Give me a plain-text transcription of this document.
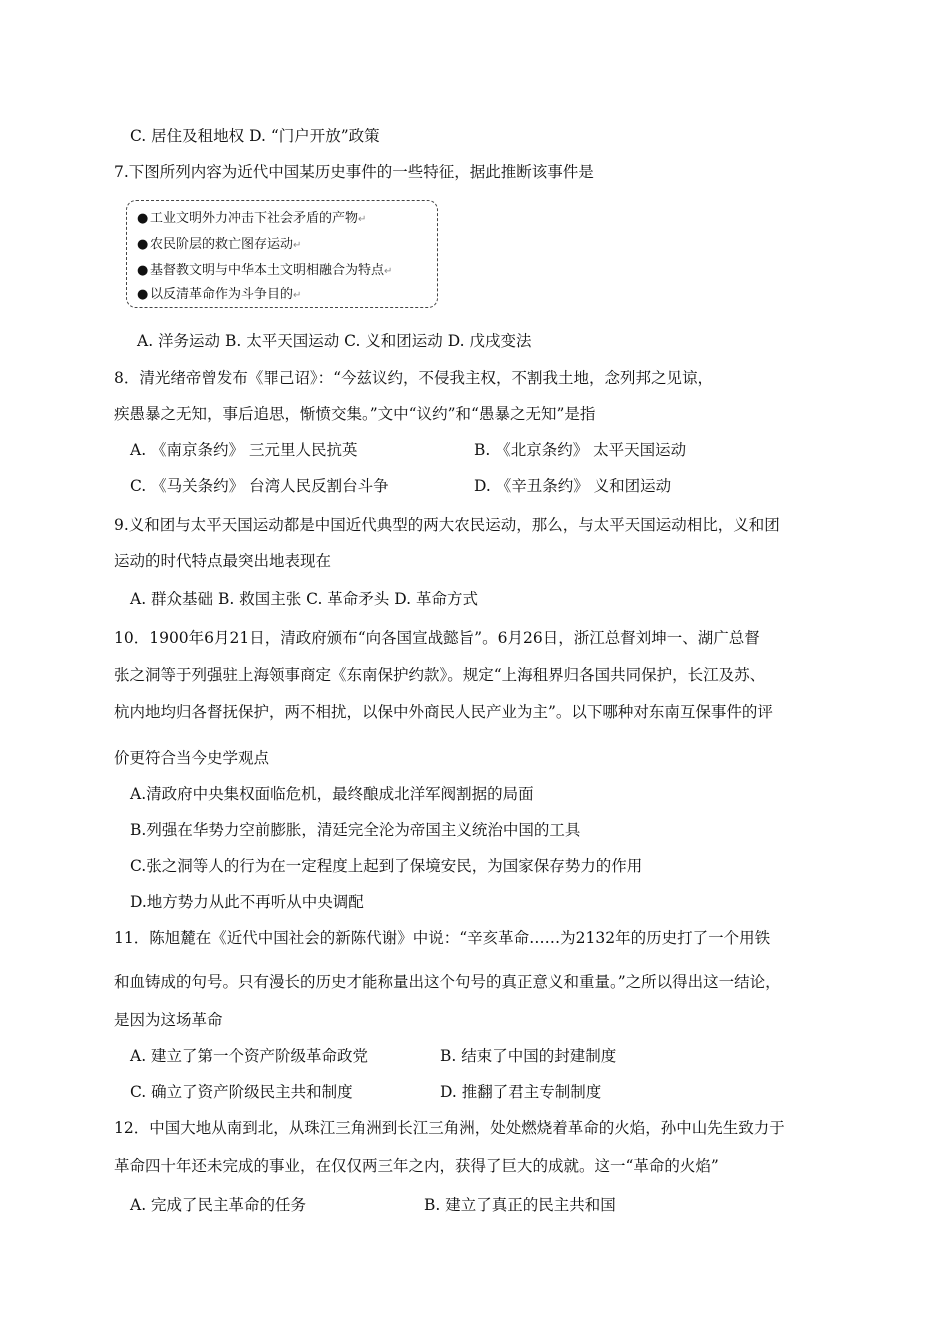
C. 居住及租地权 D. “门户开放”政策
7.下图所列内容为近代中国某历史事件的一些特征，据此推断该事件是
● 工业文明外力冲击下社会矛盾的产物↵
● 农民阶层的救亡图存运动↵
● 基督教文明与中华本土文明相融合为特点↵
● 以反清革命作为斗争目的↵
A. 洋务运动 B. 太平天国运动 C. 义和团运动 D. 戊戌变法
8．清光绪帝曾发布《罪己诏》：“今兹议约，不侵我主权，不割我土地，念列邦之见谅，
疾愚暴之无知，事后追思，惭愤交集。”文中“议约”和“愚暴之无知”是指
A. 《南京条约》 三元里人民抗英	B. 《北京条约》 太平天国运动
C. 《马关条约》 台湾人民反割台斗争	D. 《辛丑条约》 义和团运动
9.义和团与太平天国运动都是中国近代典型的两大农民运动，那么，与太平天国运动相比，义和团
运动的时代特点最突出地表现在
A. 群众基础 B. 救国主张 C. 革命矛头 D. 革命方式
10．1900年6月21日，清政府颁布“向各国宣战懿旨”。6月26日，浙江总督刘坤一、湖广总督
张之洞等于列强驻上海领事商定《东南保护约款》。规定“上海租界归各国共同保护，长江及苏、
杭内地均归各督抚保护，两不相扰，以保中外商民人民产业为主”。以下哪种对东南互保事件的评
价更符合当今史学观点
A.清政府中央集权面临危机，最终酿成北洋军阀割据的局面
B.列强在华势力空前膨胀，清廷完全沦为帝国主义统治中国的工具
C.张之洞等人的行为在一定程度上起到了保境安民，为国家保存势力的作用
D.地方势力从此不再听从中央调配
11．陈旭麓在《近代中国社会的新陈代谢》中说：“辛亥革命……为2132年的历史打了一个用铁
和血铸成的句号。只有漫长的历史才能称量出这个句号的真正意义和重量。”之所以得出这一结论，
是因为这场革命
A. 建立了第一个资产阶级革命政党	B. 结束了中国的封建制度
C. 确立了资产阶级民主共和制度	D. 推翻了君主专制制度
12．中国大地从南到北，从珠江三角洲到长江三角洲，处处燃烧着革命的火焰，孙中山先生致力于
革命四十年还未完成的事业，在仅仅两三年之内，获得了巨大的成就。这一“革命的火焰”
A. 完成了民主革命的任务	B. 建立了真正的民主共和国
